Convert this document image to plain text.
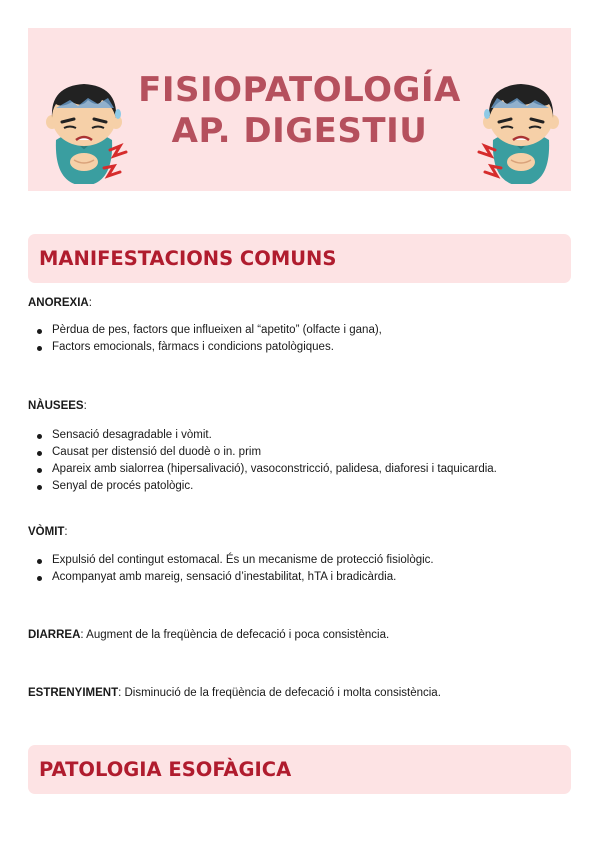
FISIOPATOLOGÍA
AP. DIGESTIU
MANIFESTACIONS COMUNS

ANOREXIA:

Pèrdua de pes, factors que influeixen al “apetito” (olfacte i gana),
Factors emocionals, fàrmacs i condicions patològiques.

NÀUSEES:

Sensació desagradable i vòmit.
Causat per distensió del duodè o in. prim
Apareix amb sialorrea (hipersalivació), vasoconstricció, palidesa, diaforesi i taquicardia.
Senyal de procés patològic.

VÒMIT:

Expulsió del contingut estomacal. És un mecanisme de protecció fisiològic.
Acompanyat amb mareig, sensació d’inestabilitat, hTA i bradicàrdia.

DIARREA: Augment de la freqüència de defecació i poca consistència.

ESTRENYIMENT: Disminució de la freqüència de defecació i molta consistència.

PATOLOGIA ESOFÀGICA
